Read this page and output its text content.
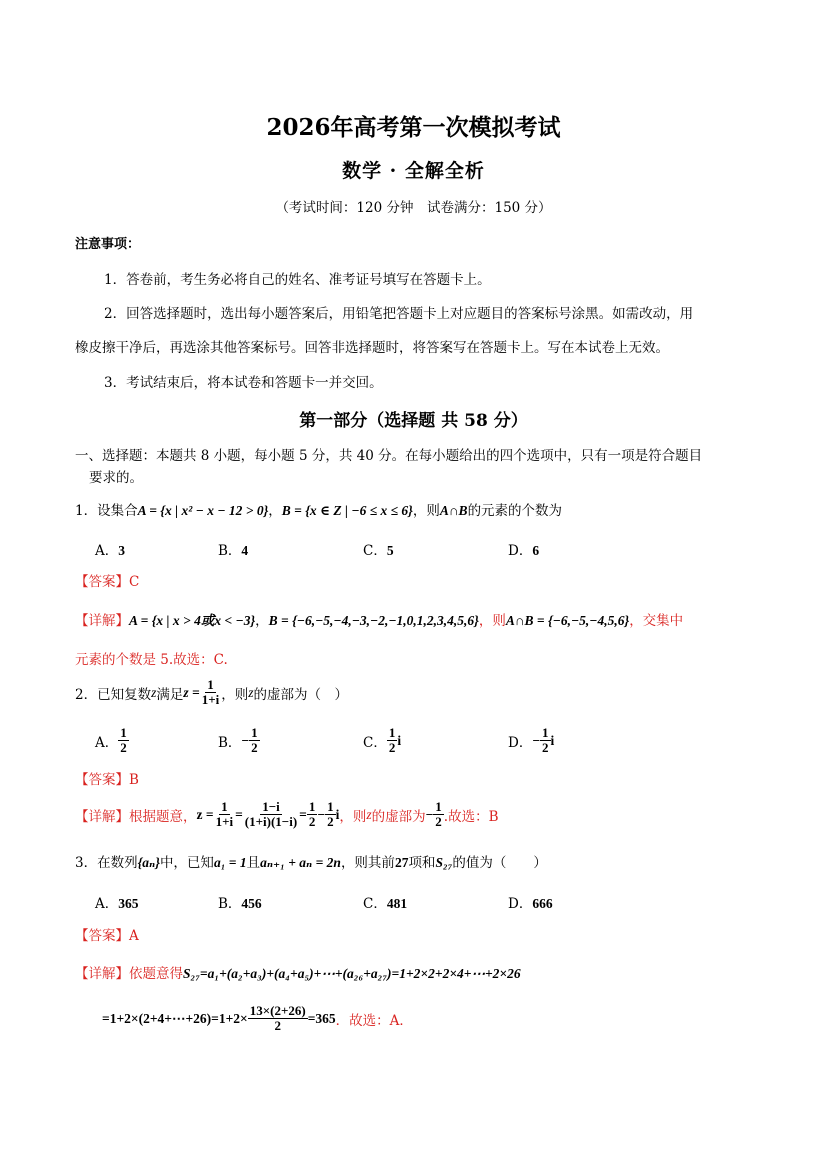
2026年高考第一次模拟考试
数学 · 全解全析
（考试时间：120 分钟　试卷满分：150 分）
注意事项：
1．答卷前，考生务必将自己的姓名、准考证号填写在答题卡上。
2．回答选择题时，选出每小题答案后，用铅笔把答题卡上对应题目的答案标号涂黑。如需改动，用
橡皮擦干净后，再选涂其他答案标号。回答非选择题时，将答案写在答题卡上。写在本试卷上无效。
3．考试结束后，将本试卷和答题卡一并交回。
第一部分（选择题 共 58 分）
一、选择题：本题共 8 小题，每小题 5 分，共 40 分。在每小题给出的四个选项中，只有一项是符合题目
要求的。
1．设集合A = {x | x² − x − 12 > 0}，B = {x ∈ Z | −6 ≤ x ≤ 6}，则A∩B的元素的个数为
A．3	B．4	C．5	D．6
【答案】C
【详解】A = {x | x > 4或x < −3}，B = {−6,−5,−4,−3,−2,−1,0,1,2,3,4,5,6}，则A∩B = {−6,−5,−4,5,6}，交集中
元素的个数是 5.故选：C.
2．已知复数 z 满足 $z = \frac{1}{1+i}$ ，则 z 的虚部为（　）
A． $\frac{1}{2}$	B． − $\frac{1}{2}$	C． $\frac{1}{2}$ i	D． − $\frac{1}{2}$ i
【答案】B
【详解】 根据题意， $z = \frac{1}{1+i} = \frac{1-i}{(1+i)(1-i)} = \frac{1}{2} - \frac{1}{2}$ i ，则 z 的虚部为 − $\frac{1}{2}$ .故选：B
3．在数列{aₙ}中，已知a₁ = 1且aₙ₊₁ + aₙ = 2n，则其前27项和S₂₇的值为（　　）
A．365	B．456	C．481	D．666
【答案】A
【详解】依题意得S₂₇=a₁+(a₂+a₃)+(a₄+a₅)+⋯+(a₂₆+a₂₇)=1+2×2+2×4+⋯+2×26
=1+2×(2+4+⋯+26)=1+2× $\frac{13\times(2+26)}{2} =365$ ．故选：A．
